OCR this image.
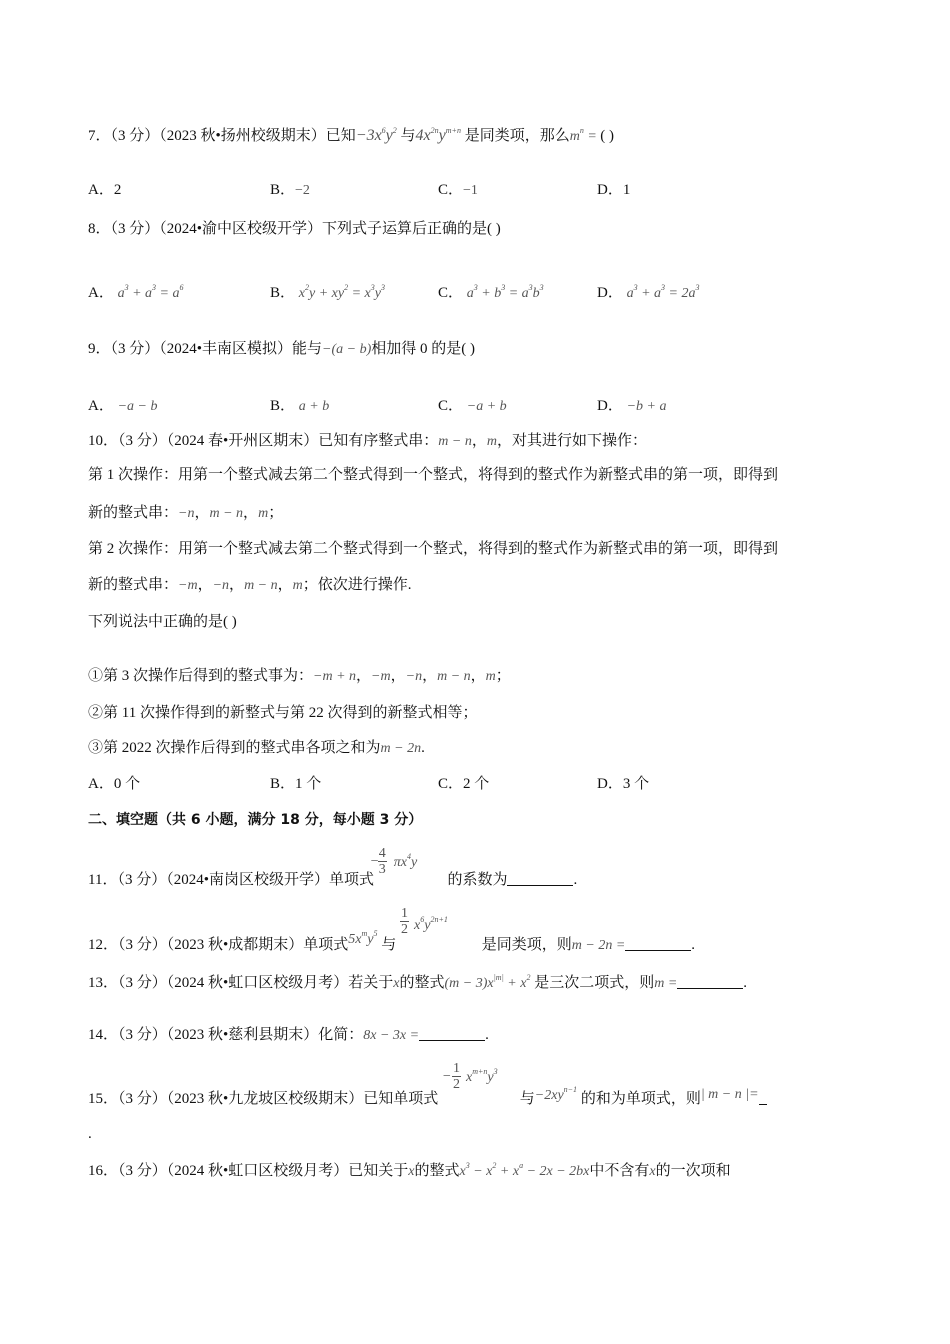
7．（3 分）（2023 秋•扬州校级期末）已知$-3x^6y^2$ 与$4x^{2n}y^{m+n}$ 是同类项，那么$m^n$ = ( )
A．2	B．−2	C．−1	D．1
8．（3 分）（2024•渝中区校级开学）下列式子运算后正确的是( )
A． $a^3 + a^3 = a^6$	B． $x^2y + xy^2 = x^3y^3$	C． $a^3 + b^3 = a^3b^3$	D． $a^3 + a^3 = 2a^3$
9．（3 分）（2024•丰南区模拟）能与−(a − b)相加得 0 的是( )
A． −a − b	B． a + b	C． −a + b	D． −b + a
10．（3 分）（2024 春•开州区期末）已知有序整式串：m − n，m，对其进行如下操作：
第 1 次操作：用第一个整式减去第二个整式得到一个整式，将得到的整式作为新整式串的第一项，即得到
新的整式串：−n，m − n，m；
第 2 次操作：用第一个整式减去第二个整式得到一个整式，将得到的整式作为新整式串的第一项，即得到
新的整式串：−m，−n，m − n，m；依次进行操作.
下列说法中正确的是( )
①第 3 次操作后得到的整式事为：−m + n，−m，−n，m − n，m；
②第 11 次操作得到的新整式与第 22 次得到的新整式相等；
③第 2022 次操作后得到的整式串各项之和为m − 2n.
A．0 个	B．1 个	C．2 个	D．3 个
二、填空题（共 6 小题，满分 18 分，每小题 3 分）
11．（3 分）（2024•南岗区校级开学）单项式
$\frac{4}{3}$
− $\pi x^4y$
的系数为	.
12．（3 分）（2023 秋•成都期末）单项式$5x^my^5$ 与
$\frac{1}{2} x^6y^{2n+1}$
是同类项，则m − 2n =	.
13．（3 分）（2024 秋•虹口区校级月考）若关于x的整式$(m - 3)x^{|m|} + x^2$ 是三次二项式，则m =	.
14．（3 分）（2023 秋•慈利县期末）化简：8x − 3x =	.
15．（3 分）（2023 秋•九龙坡区校级期末）已知单项式
− $\frac{1}{2} x^{m+n}y^3$
与$-2xy^{n-1}$ 的和为单项式，则| m − n |=
.
16．（3 分）（2024 秋•虹口区校级月考）已知关于x的整式$x^3 - x^2 + x^a - 2x - 2bx$中不含有x的一次项和
